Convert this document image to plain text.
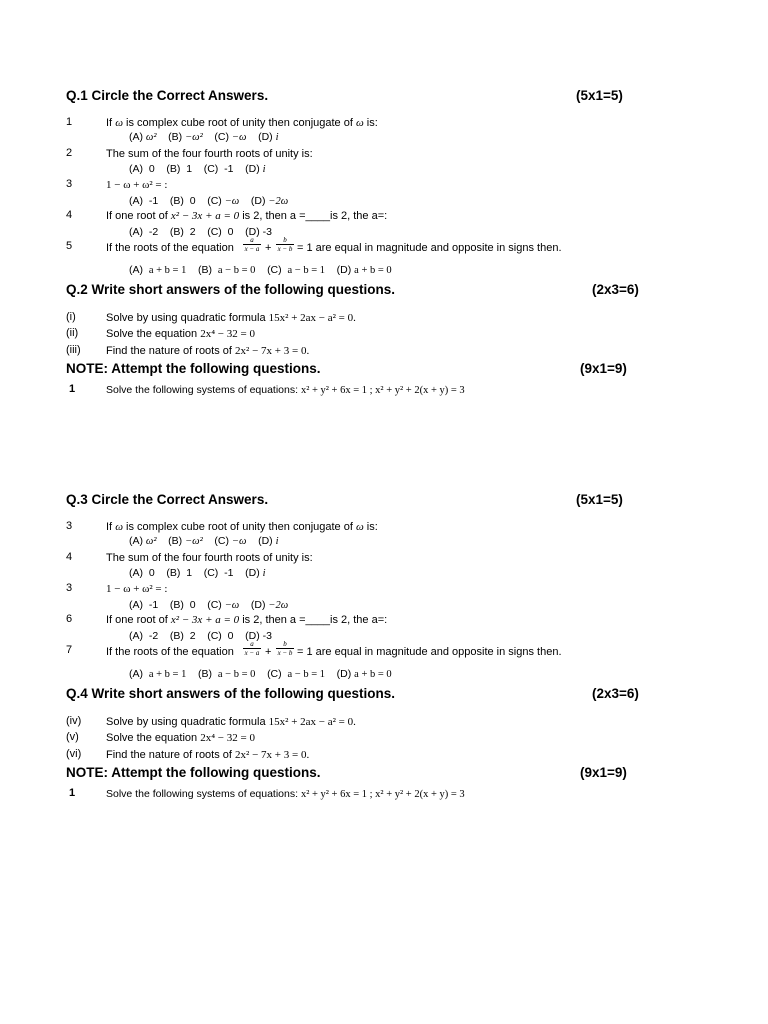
Q.1 Circle the Correct Answers.	(5x1=5)
1	If ω is complex cube root of unity then conjugate of ω is:
(A) ω² (B) −ω² (C) −ω (D) i
2	The sum of the four fourth roots of unity is:
(A) 0 (B) 1 (C) -1 (D) i
3	1 − ω + ω² = :
(A) -1 (B) 0 (C) −ω (D) −2ω
4	If one root of x² − 3x + a = 0 is 2, then a =____is 2, the a=:
(A) -2 (B) 2 (C) 0 (D) -3
5	If the roots of the equation
a
x − a +
b
x − b = 1 are equal in magnitude and opposite in signs then.
(A) a + b = 1 (B) a − b = 0 (C) a − b = 1 (D) a + b = 0
Q.2 Write short answers of the following questions.	(2x3=6)
(i)	Solve by using quadratic formula 15x² + 2ax − a² = 0.
(ii)	Solve the equation 2x⁴ − 32 = 0
(iii) Find the nature of roots of 2x² − 7x + 3 = 0.
NOTE: Attempt the following questions.	(9x1=9)
1	Solve the following systems of equations: x² + y² + 6x = 1 ; x² + y² + 2(x + y) = 3
Q.3 Circle the Correct Answers.	(5x1=5)
3	If ω is complex cube root of unity then conjugate of ω is:
(A) ω² (B) −ω² (C) −ω (D) i
4	The sum of the four fourth roots of unity is:
(A) 0 (B) 1 (C) -1 (D) i
3	1 − ω + ω² = :
(A) -1 (B) 0 (C) −ω (D) −2ω
6	If one root of x² − 3x + a = 0 is 2, then a =____is 2, the a=:
(A) -2 (B) 2 (C) 0 (D) -3
7	If the roots of the equation
a
x − a +
b
x − b = 1 are equal in magnitude and opposite in signs then.
(A) a + b = 1 (B) a − b = 0 (C) a − b = 1 (D) a + b = 0
Q.4 Write short answers of the following questions.	(2x3=6)
(iv) Solve by using quadratic formula 15x² + 2ax − a² = 0.
(v) Solve the equation 2x⁴ − 32 = 0
(vi) Find the nature of roots of 2x² − 7x + 3 = 0.
NOTE: Attempt the following questions.	(9x1=9)
1	Solve the following systems of equations: x² + y² + 6x = 1 ; x² + y² + 2(x + y) = 3
